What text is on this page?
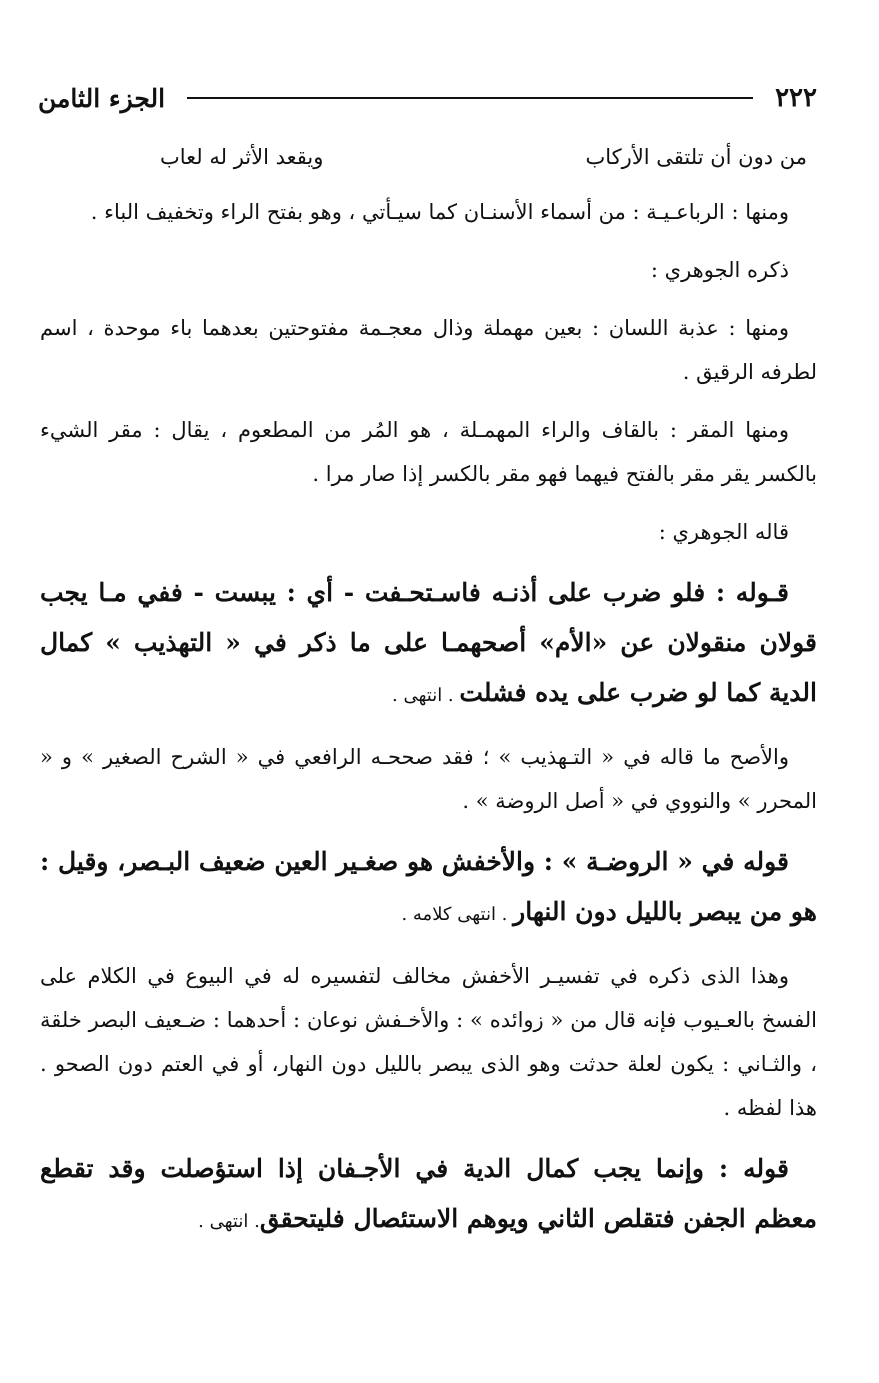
٢٢٢
الجزء الثامن
من دون أن تلتقى الأركاب
ويقعد الأثر له لعاب

ومنها : الرباعـيـة : من أسماء الأسنـان كما سيـأتي ، وهو بفتح الراء وتخفيف الباء .

ذكره الجوهري :

ومنها : عذبة اللسان : بعين مهملة وذال معجـمة مفتوحتين بعدهما باء موحدة ، اسم لطرفه الرقيق .

ومنها المقر : بالقاف والراء المهمـلة ، هو المُر من المطعوم ، يقال : مقر الشيء بالكسر يقر مقر بالفتح فيهما فهو مقر بالكسر إذا صار مرا .

قاله الجوهري :

قـوله : فلو ضرب على أذنـه فاسـتحـفت - أي : يبست - ففي مـا يجب قولان منقولان عن «الأم» أصحهمـا على ما ذكر في « التهذيب » كمال الدية كما لو ضرب على يده فشلت . انتهى .

والأصح ما قاله في « التـهذيب » ؛ فقد صححـه الرافعي في « الشرح الصغير » و « المحرر » والنووي في « أصل الروضة » .

قوله في « الروضـة » : والأخفش هو صغـير العين ضعيف البـصر، وقيل : هو من يبصر بالليل دون النهار . انتهى كلامه .

وهذا الذى ذكره في تفسيـر الأخفش مخالف لتفسيره له في البيوع في الكلام على الفسخ بالعـيوب فإنه قال من « زوائده » : والأخـفش نوعان : أحدهما : ضـعيف البصر خلقة ، والثـاني : يكون لعلة حدثت وهو الذى يبصر بالليل دون النهار، أو في العتم دون الصحو . هذا لفظه .

قوله : وإنما يجب كمال الدية في الأجـفان إذا استؤصلت وقد تقطع معظم الجفن فتقلص الثاني ويوهم الاستئصال فليتحقق. انتهى .
